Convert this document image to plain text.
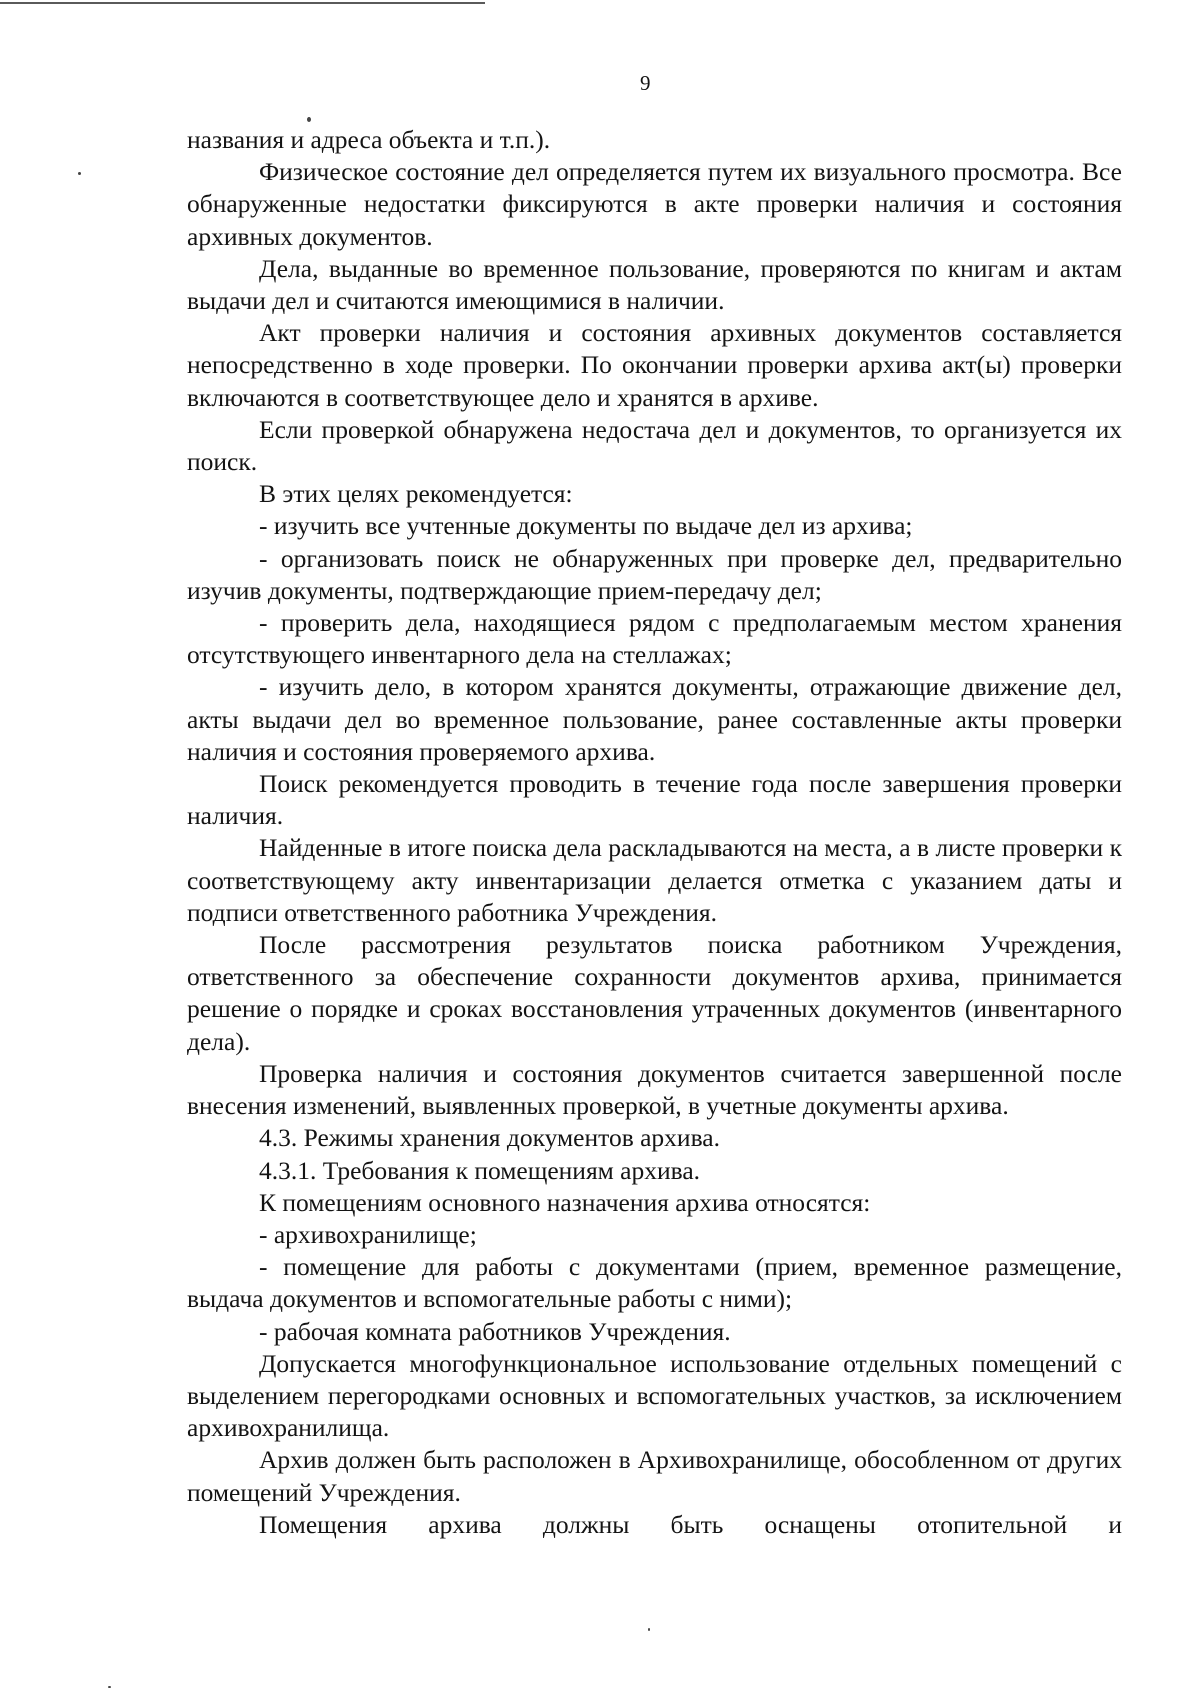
9

названия и адреса объекта и т.п.).

Физическое состояние дел определяется путем их визуального просмотра. Все обнаруженные недостатки фиксируются в акте проверки наличия и состояния архивных документов.

Дела, выданные во временное пользование, проверяются по книгам и актам выдачи дел и считаются имеющимися в наличии.

Акт проверки наличия и состояния архивных документов составляется непосредственно в ходе проверки. По окончании проверки архива акт(ы) проверки включаются в соответствующее дело и хранятся в архиве.

Если проверкой обнаружена недостача дел и документов, то организуется их поиск.

В этих целях рекомендуется:

- изучить все учтенные документы по выдаче дел из архива;

- организовать поиск не обнаруженных при проверке дел, предварительно изучив документы, подтверждающие прием-передачу дел;

- проверить дела, находящиеся рядом с предполагаемым местом хранения отсутствующего инвентарного дела на стеллажах;

- изучить дело, в котором хранятся документы, отражающие движение дел, акты выдачи дел во временное пользование, ранее составленные акты проверки наличия и состояния проверяемого архива.

Поиск рекомендуется проводить в течение года после завершения проверки наличия.

Найденные в итоге поиска дела раскладываются на места, а в листе проверки к соответствующему акту инвентаризации делается отметка с указанием даты и подписи ответственного работника Учреждения.

После рассмотрения результатов поиска работником Учреждения, ответственного за обеспечение сохранности документов архива, принимается решение о порядке и сроках восстановления утраченных документов (инвентарного дела).

Проверка наличия и состояния документов считается завершенной после внесения изменений, выявленных проверкой, в учетные документы архива.

4.3. Режимы хранения документов архива.

4.3.1. Требования к помещениям архива.

К помещениям основного назначения архива относятся:

- архивохранилище;

- помещение для работы с документами (прием, временное размещение, выдача документов и вспомогательные работы с ними);

- рабочая комната работников Учреждения.

Допускается многофункциональное использование отдельных помещений с выделением перегородками основных и вспомогательных участков, за исключением архивохранилища.

Архив должен быть расположен в Архивохранилище, обособленном от других помещений Учреждения.

Помещения архива должны быть оснащены отопительной и
